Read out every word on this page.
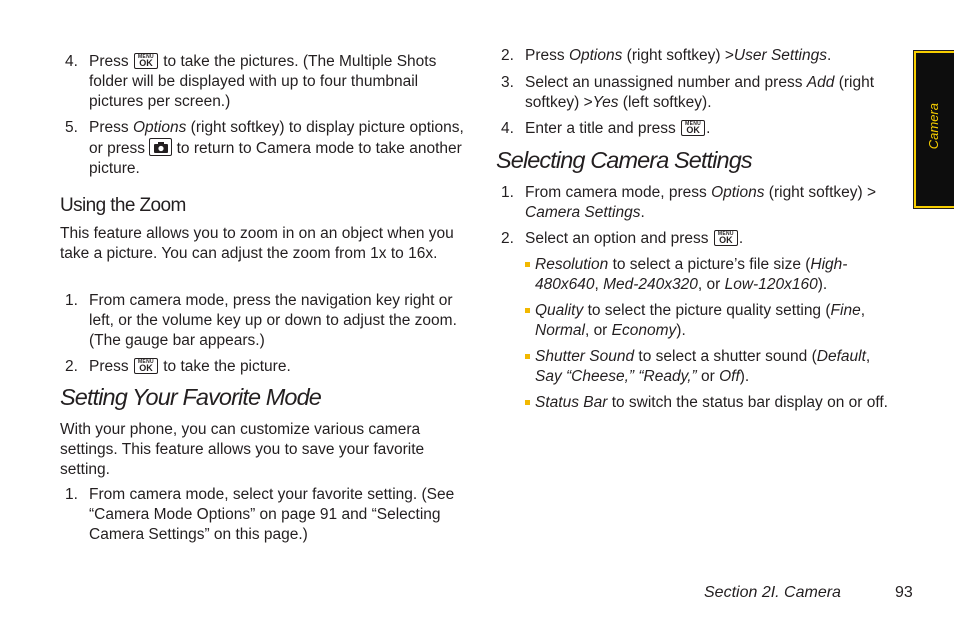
4. Press	MENU
OK to take the pictures. (The Multiple Shots folder will be displayed with up to four thumbnail pictures per screen.)
5. Press Options (right softkey) to display picture options, or press to return to Camera mode to take another picture.
Using the Zoom
This feature allows you to zoom in on an object when you take a picture. You can adjust the zoom from 1x to 16x.
1. From camera mode, press the navigation key right or left, or the volume key up or down to adjust the zoom. (The gauge bar appears.)
2. Press	MENU
OK to take the picture.
Setting Your Favorite Mode
With your phone, you can customize various camera settings. This feature allows you to save your favorite setting.
1. From camera mode, select your favorite setting. (See “Camera Mode Options” on page 91 and “Selecting Camera Settings” on this page.)
2. Press Options (right softkey) >User Settings.
3. Select an unassigned number and press Add (right softkey) >Yes (left softkey).
4. Enter a title and press	MENU
OK .
Selecting Camera Settings
1. From camera mode, press Options (right softkey) > Camera Settings.
2. Select an option and press	MENU
OK .
Resolution to select a picture’s file size (High-480x640, Med-240x320, or Low-120x160).
Quality to select the picture quality setting (Fine, Normal, or Economy).
Shutter Sound to select a shutter sound (Default, Say “Cheese,” “Ready,” or Off).
Status Bar to switch the status bar display on or off.
Camera
Section 2I. Camera	93
